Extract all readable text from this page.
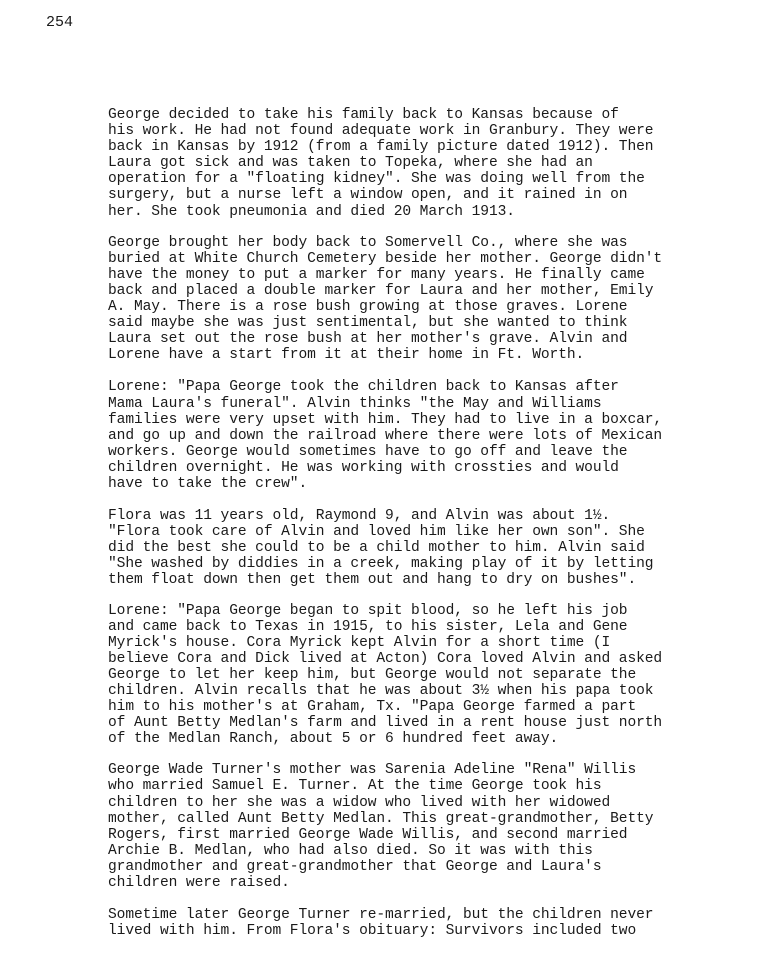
254

George decided to take his family back to Kansas because of
his work. He had not found adequate work in Granbury. They were
back in Kansas by 1912 (from a family picture dated 1912). Then
Laura got sick and was taken to Topeka, where she had an
operation for a "floating kidney". She was doing well from the
surgery, but a nurse left a window open, and it rained in on
her. She took pneumonia and died 20 March 1913.

George brought her body back to Somervell Co., where she was
buried at White Church Cemetery beside her mother. George didn't
have the money to put a marker for many years. He finally came
back and placed a double marker for Laura and her mother, Emily
A. May. There is a rose bush growing at those graves. Lorene
said maybe she was just sentimental, but she wanted to think
Laura set out the rose bush at her mother's grave. Alvin and
Lorene have a start from it at their home in Ft. Worth.

Lorene: "Papa George took the children back to Kansas after
Mama Laura's funeral". Alvin thinks "the May and Williams
families were very upset with him. They had to live in a boxcar,
and go up and down the railroad where there were lots of Mexican
workers. George would sometimes have to go off and leave the
children overnight. He was working with crossties and would
have to take the crew".

Flora was 11 years old, Raymond 9, and Alvin was about 1½.
"Flora took care of Alvin and loved him like her own son". She
did the best she could to be a child mother to him. Alvin said
"She washed by diddies in a creek, making play of it by letting
them float down then get them out and hang to dry on bushes".

Lorene: "Papa George began to spit blood, so he left his job
and came back to Texas in 1915, to his sister, Lela and Gene
Myrick's house. Cora Myrick kept Alvin for a short time (I
believe Cora and Dick lived at Acton) Cora loved Alvin and asked
George to let her keep him, but George would not separate the
children. Alvin recalls that he was about 3½ when his papa took
him to his mother's at Graham, Tx. "Papa George farmed a part
of Aunt Betty Medlan's farm and lived in a rent house just north
of the Medlan Ranch, about 5 or 6 hundred feet away.

George Wade Turner's mother was Sarenia Adeline "Rena" Willis
who married Samuel E. Turner. At the time George took his
children to her she was a widow who lived with her widowed
mother, called Aunt Betty Medlan. This great-grandmother, Betty
Rogers, first married George Wade Willis, and second married
Archie B. Medlan, who had also died. So it was with this
grandmother and great-grandmother that George and Laura's
children were raised.

Sometime later George Turner re-married, but the children never
lived with him. From Flora's obituary: Survivors included two
